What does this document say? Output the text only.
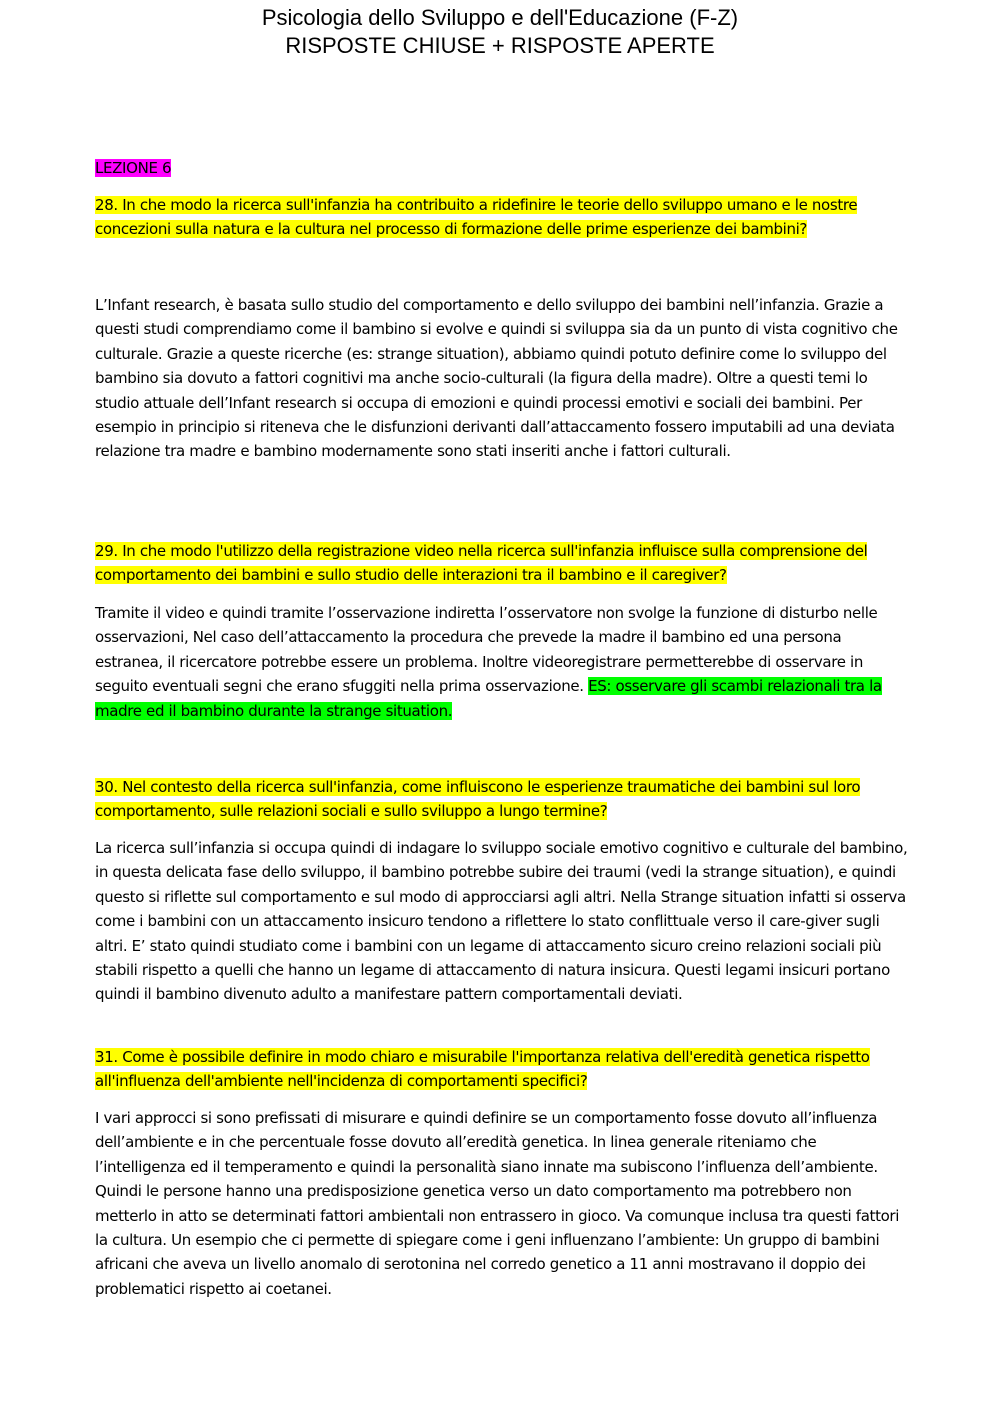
Psicologia dello Sviluppo e dell'Educazione (F-Z)
RISPOSTE CHIUSE + RISPOSTE APERTE
LEZIONE 6

28. In che modo la ricerca sull'infanzia ha contribuito a ridefinire le teorie dello sviluppo umano e le nostre concezioni sulla natura e la cultura nel processo di formazione delle prime esperienze dei bambini?

L’Infant research, è basata sullo studio del comportamento e dello sviluppo dei bambini nell’infanzia. Grazie a questi studi comprendiamo come il bambino si evolve e quindi si sviluppa sia da un punto di vista cognitivo che culturale. Grazie a queste ricerche (es: strange situation), abbiamo quindi potuto definire come lo sviluppo del bambino sia dovuto a fattori cognitivi ma anche socio-culturali (la figura della madre). Oltre a questi temi lo studio attuale dell’Infant research si occupa di emozioni e quindi processi emotivi e sociali dei bambini. Per esempio in principio si riteneva che le disfunzioni derivanti dall’attaccamento fossero imputabili ad una deviata relazione tra madre e bambino modernamente sono stati inseriti anche i fattori culturali.

29. In che modo l'utilizzo della registrazione video nella ricerca sull'infanzia influisce sulla comprensione del comportamento dei bambini e sullo studio delle interazioni tra il bambino e il caregiver?

Tramite il video e quindi tramite l’osservazione indiretta l’osservatore non svolge la funzione di disturbo nelle osservazioni, Nel caso dell’attaccamento la procedura che prevede la madre il bambino ed una persona estranea, il ricercatore potrebbe essere un problema. Inoltre videoregistrare permetterebbe di osservare in seguito eventuali segni che erano sfuggiti nella prima osservazione. ES: osservare gli scambi relazionali tra la madre ed il bambino durante la strange situation.

30. Nel contesto della ricerca sull'infanzia, come influiscono le esperienze traumatiche dei bambini sul loro comportamento, sulle relazioni sociali e sullo sviluppo a lungo termine?

La ricerca sull’infanzia si occupa quindi di indagare lo sviluppo sociale emotivo cognitivo e culturale del bambino, in questa delicata fase dello sviluppo, il bambino potrebbe subire dei traumi (vedi la strange situation), e quindi questo si riflette sul comportamento e sul modo di approcciarsi agli altri. Nella Strange situation infatti si osserva come i bambini con un attaccamento insicuro tendono a riflettere lo stato conflittuale verso il care-giver sugli altri. E’ stato quindi studiato come i bambini con un legame di attaccamento sicuro creino relazioni sociali più stabili rispetto a quelli che hanno un legame di attaccamento di natura insicura. Questi legami insicuri portano quindi il bambino divenuto adulto a manifestare pattern comportamentali deviati.

31. Come è possibile definire in modo chiaro e misurabile l'importanza relativa dell'eredità genetica rispetto all'influenza dell'ambiente nell'incidenza di comportamenti specifici?

I vari approcci si sono prefissati di misurare e quindi definire se un comportamento fosse dovuto all’influenza dell’ambiente e in che percentuale fosse dovuto all’eredità genetica. In linea generale riteniamo che l’intelligenza ed il temperamento e quindi la personalità siano innate ma subiscono l’influenza dell’ambiente. Quindi le persone hanno una predisposizione genetica verso un dato comportamento ma potrebbero non metterlo in atto se determinati fattori ambientali non entrassero in gioco. Va comunque inclusa tra questi fattori la cultura. Un esempio che ci permette di spiegare come i geni influenzano l’ambiente: Un gruppo di bambini africani che aveva un livello anomalo di serotonina nel corredo genetico a 11 anni mostravano il doppio dei problematici rispetto ai coetanei.
